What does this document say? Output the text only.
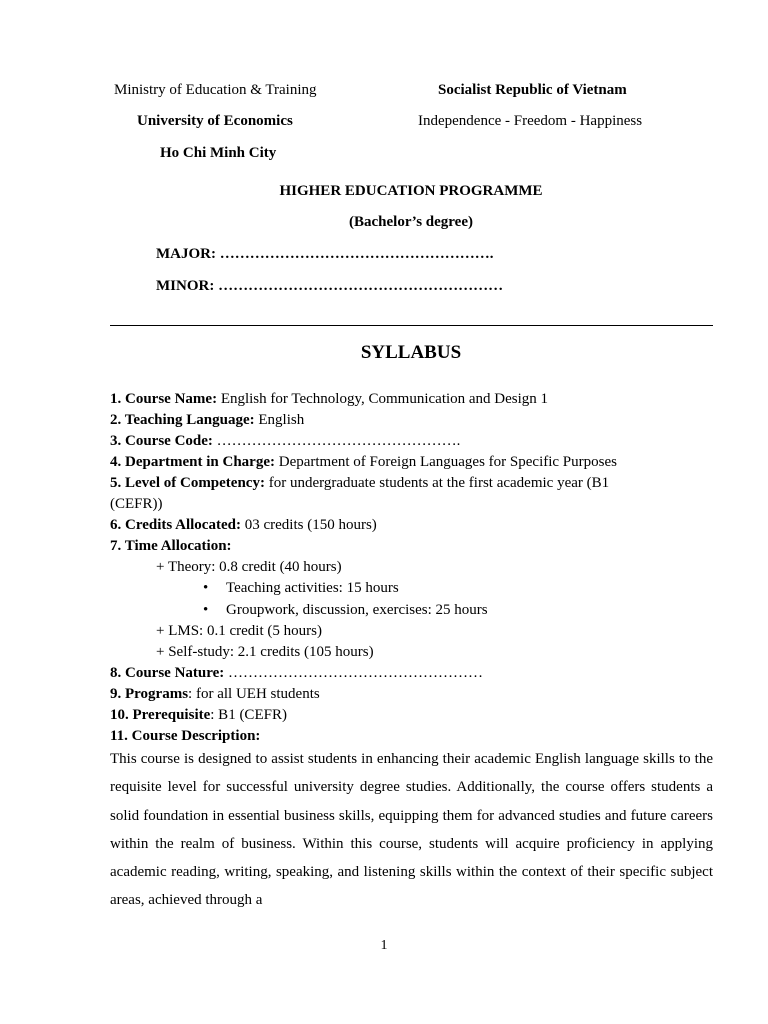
Ministry of Education & Training	Socialist Republic of Vietnam
University of Economics	Independence - Freedom - Happiness
Ho Chi Minh City
HIGHER EDUCATION PROGRAMME
(Bachelor’s degree)
MAJOR: ……………………………………………….
MINOR: …………………………………………………
SYLLABUS
1. Course Name: English for Technology, Communication and Design 1
2. Teaching Language: English
3. Course Code: ………………………………………….
4. Department in Charge: Department of Foreign Languages for Specific Purposes
5. Level of Competency: for undergraduate students at the first academic year (B1
(CEFR))
6. Credits Allocated: 03 credits (150 hours)
7. Time Allocation:
+ Theory: 0.8 credit (40 hours)
• Teaching activities: 15 hours
• Groupwork, discussion, exercises: 25 hours
+ LMS: 0.1 credit (5 hours)
+ Self-study: 2.1 credits (105 hours)
8. Course Nature: ……………………………………………
9. Programs: for all UEH students
10. Prerequisite: B1 (CEFR)
11. Course Description:
This course is designed to assist students in enhancing their academic English language skills to the requisite level for successful university degree studies. Additionally, the course offers students a solid foundation in essential business skills, equipping them for advanced studies and future careers within the realm of business. Within this course, students will acquire proficiency in applying academic reading, writing, speaking, and listening skills within the context of their specific subject areas, achieved through a
1
